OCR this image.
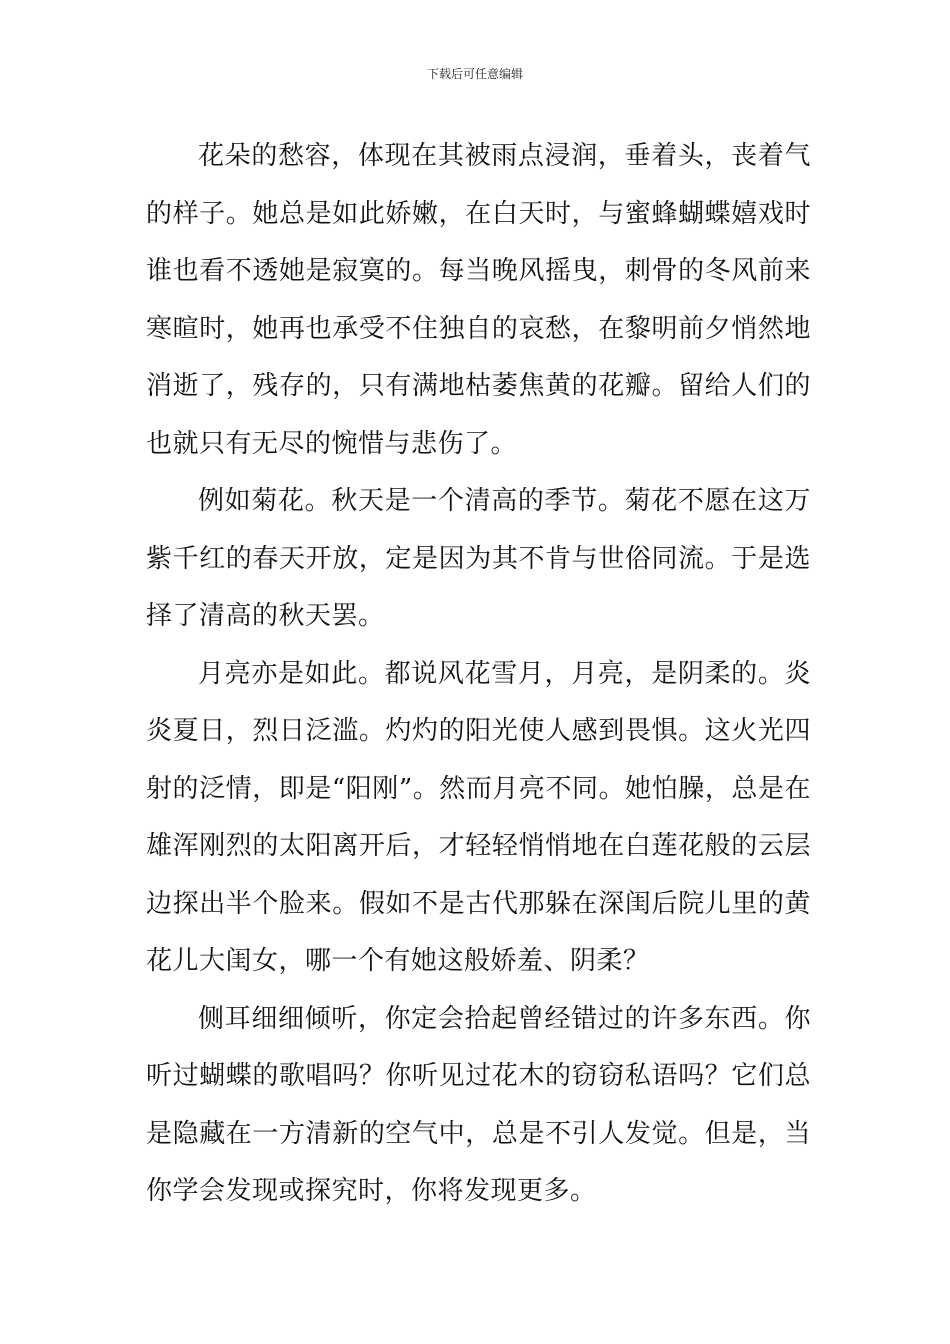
下载后可任意编辑

花朵的愁容，体现在其被雨点浸润，垂着头，丧着气的样子。她总是如此娇嫩，在白天时，与蜜蜂蝴蝶嬉戏时谁也看不透她是寂寞的。每当晚风摇曳，刺骨的冬风前来寒暄时，她再也承受不住独自的哀愁，在黎明前夕悄然地消逝了，残存的，只有满地枯萎焦黄的花瓣。留给人们的也就只有无尽的惋惜与悲伤了。

例如菊花。秋天是一个清高的季节。菊花不愿在这万紫千红的春天开放，定是因为其不肯与世俗同流。于是选择了清高的秋天罢。

月亮亦是如此。都说风花雪月，月亮，是阴柔的。炎炎夏日，烈日泛滥。灼灼的阳光使人感到畏惧。这火光四射的泛情，即是“阳刚”。然而月亮不同。她怕臊，总是在雄浑刚烈的太阳离开后，才轻轻悄悄地在白莲花般的云层边探出半个脸来。假如不是古代那躲在深闺后院儿里的黄花儿大闺女，哪一个有她这般娇羞、阴柔？

侧耳细细倾听，你定会拾起曾经错过的许多东西。你听过蝴蝶的歌唱吗？你听见过花木的窃窃私语吗？它们总是隐藏在一方清新的空气中，总是不引人发觉。但是，当你学会发现或探究时，你将发现更多。
